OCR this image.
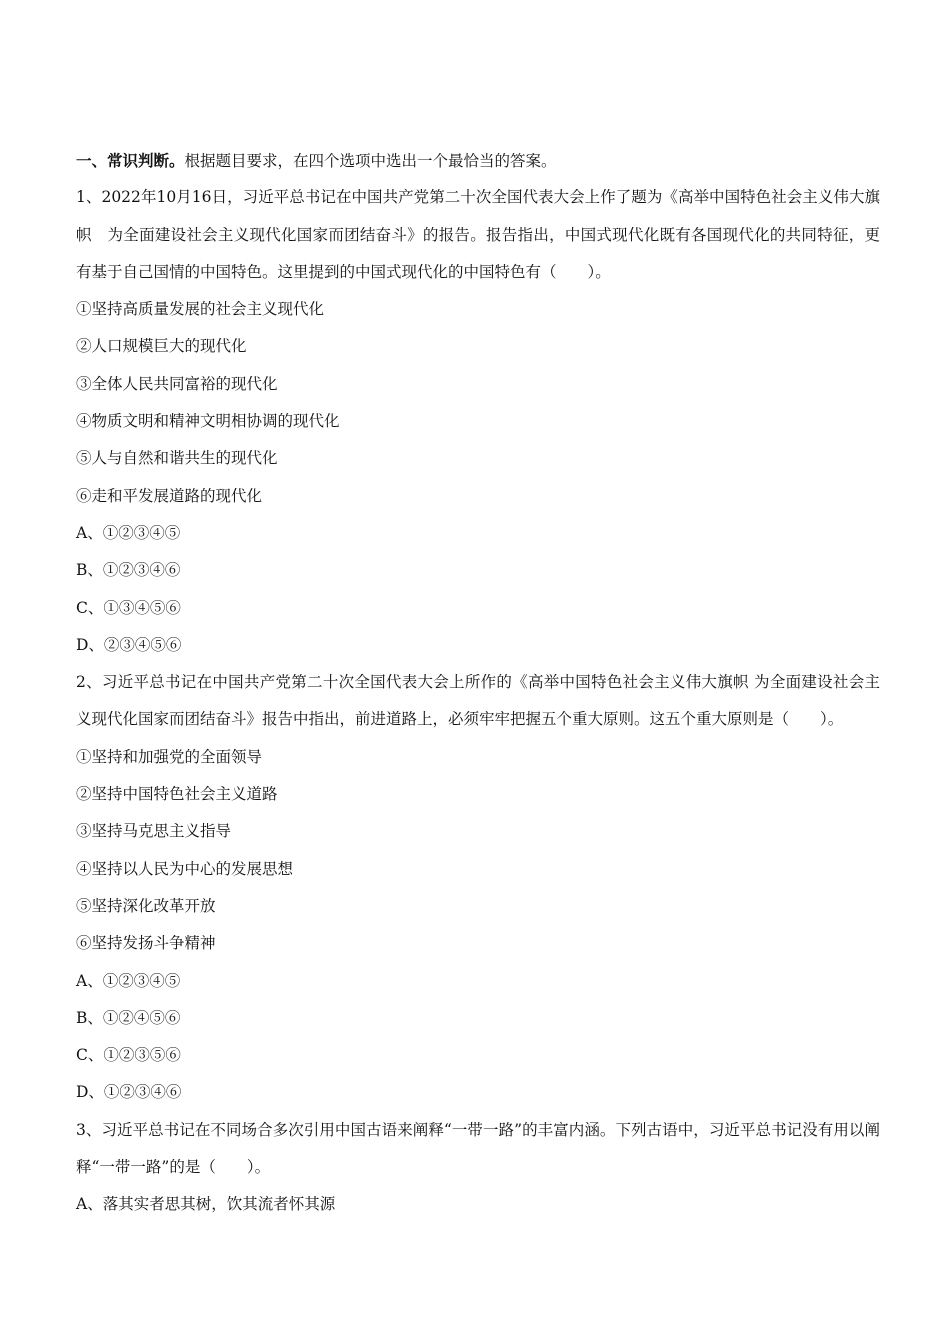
一、常识判断。根据题目要求，在四个选项中选出一个最恰当的答案。
1、2022年10月16日，习近平总书记在中国共产党第二十次全国代表大会上作了题为《高举中国特色社会主义伟大旗帜　为全面建设社会主义现代化国家而团结奋斗》的报告。报告指出，中国式现代化既有各国现代化的共同特征，更有基于自己国情的中国特色。这里提到的中国式现代化的中国特色有（　　）。
①坚持高质量发展的社会主义现代化
②人口规模巨大的现代化
③全体人民共同富裕的现代化
④物质文明和精神文明相协调的现代化
⑤人与自然和谐共生的现代化
⑥走和平发展道路的现代化
A、①②③④⑤
B、①②③④⑥
C、①③④⑤⑥
D、②③④⑤⑥
2、习近平总书记在中国共产党第二十次全国代表大会上所作的《高举中国特色社会主义伟大旗帜 为全面建设社会主义现代化国家而团结奋斗》报告中指出，前进道路上，必须牢牢把握五个重大原则。这五个重大原则是（　　）。
①坚持和加强党的全面领导
②坚持中国特色社会主义道路
③坚持马克思主义指导
④坚持以人民为中心的发展思想
⑤坚持深化改革开放
⑥坚持发扬斗争精神
A、①②③④⑤
B、①②④⑤⑥
C、①②③⑤⑥
D、①②③④⑥
3、习近平总书记在不同场合多次引用中国古语来阐释“一带一路”的丰富内涵。下列古语中，习近平总书记没有用以阐释“一带一路”的是（　　）。
A、落其实者思其树，饮其流者怀其源
